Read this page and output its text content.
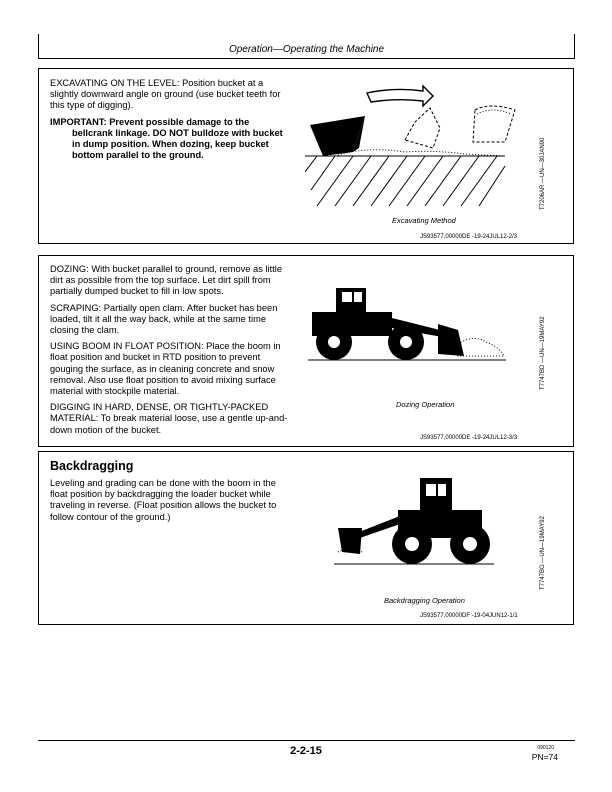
Operation—Operating the Machine

EXCAVATING ON THE LEVEL: Position bucket at a slightly downward angle on ground (use bucket teeth for this type of digging).

IMPORTANT: Prevent possible damage to the
bellcrank linkage. DO NOT bulldoze with bucket in dump position. When dozing, keep bucket bottom parallel to the ground.
Excavating Method
T7206AR —UN—30JAN90
JS93577,00000DE -19-24JUL12-2/3

DOZING: With bucket parallel to ground, remove as little dirt as possible from the top surface. Let dirt spill from partially dumped bucket to fill in low spots.

SCRAPING: Partially open clam. After bucket has been loaded, tilt it all the way back, while at the same time closing the clam.

USING BOOM IN FLOAT POSITION: Place the boom in float position and bucket in RTD position to prevent gouging the surface, as in cleaning concrete and snow removal. Also use float position to avoid mixing surface material with stockpile material.

DIGGING IN HARD, DENSE, OR TIGHTLY-PACKED MATERIAL: To break material loose, use a gentle up-and-down motion of the bucket.

Dozing Operation
T7747BD —UN—19MAY92
JS93577,00000DE -19-24JUL12-3/3
Backdragging

Leveling and grading can be done with the boom in the float position by backdragging the loader bucket while traveling in reverse. (Float position allows the bucket to follow contour of the ground.)

Backdragging Operation
T7747BG —UN—19MAY92
JS93577,00000DF -19-04JUN12-1/1
2-2-15	090120
PN=74
